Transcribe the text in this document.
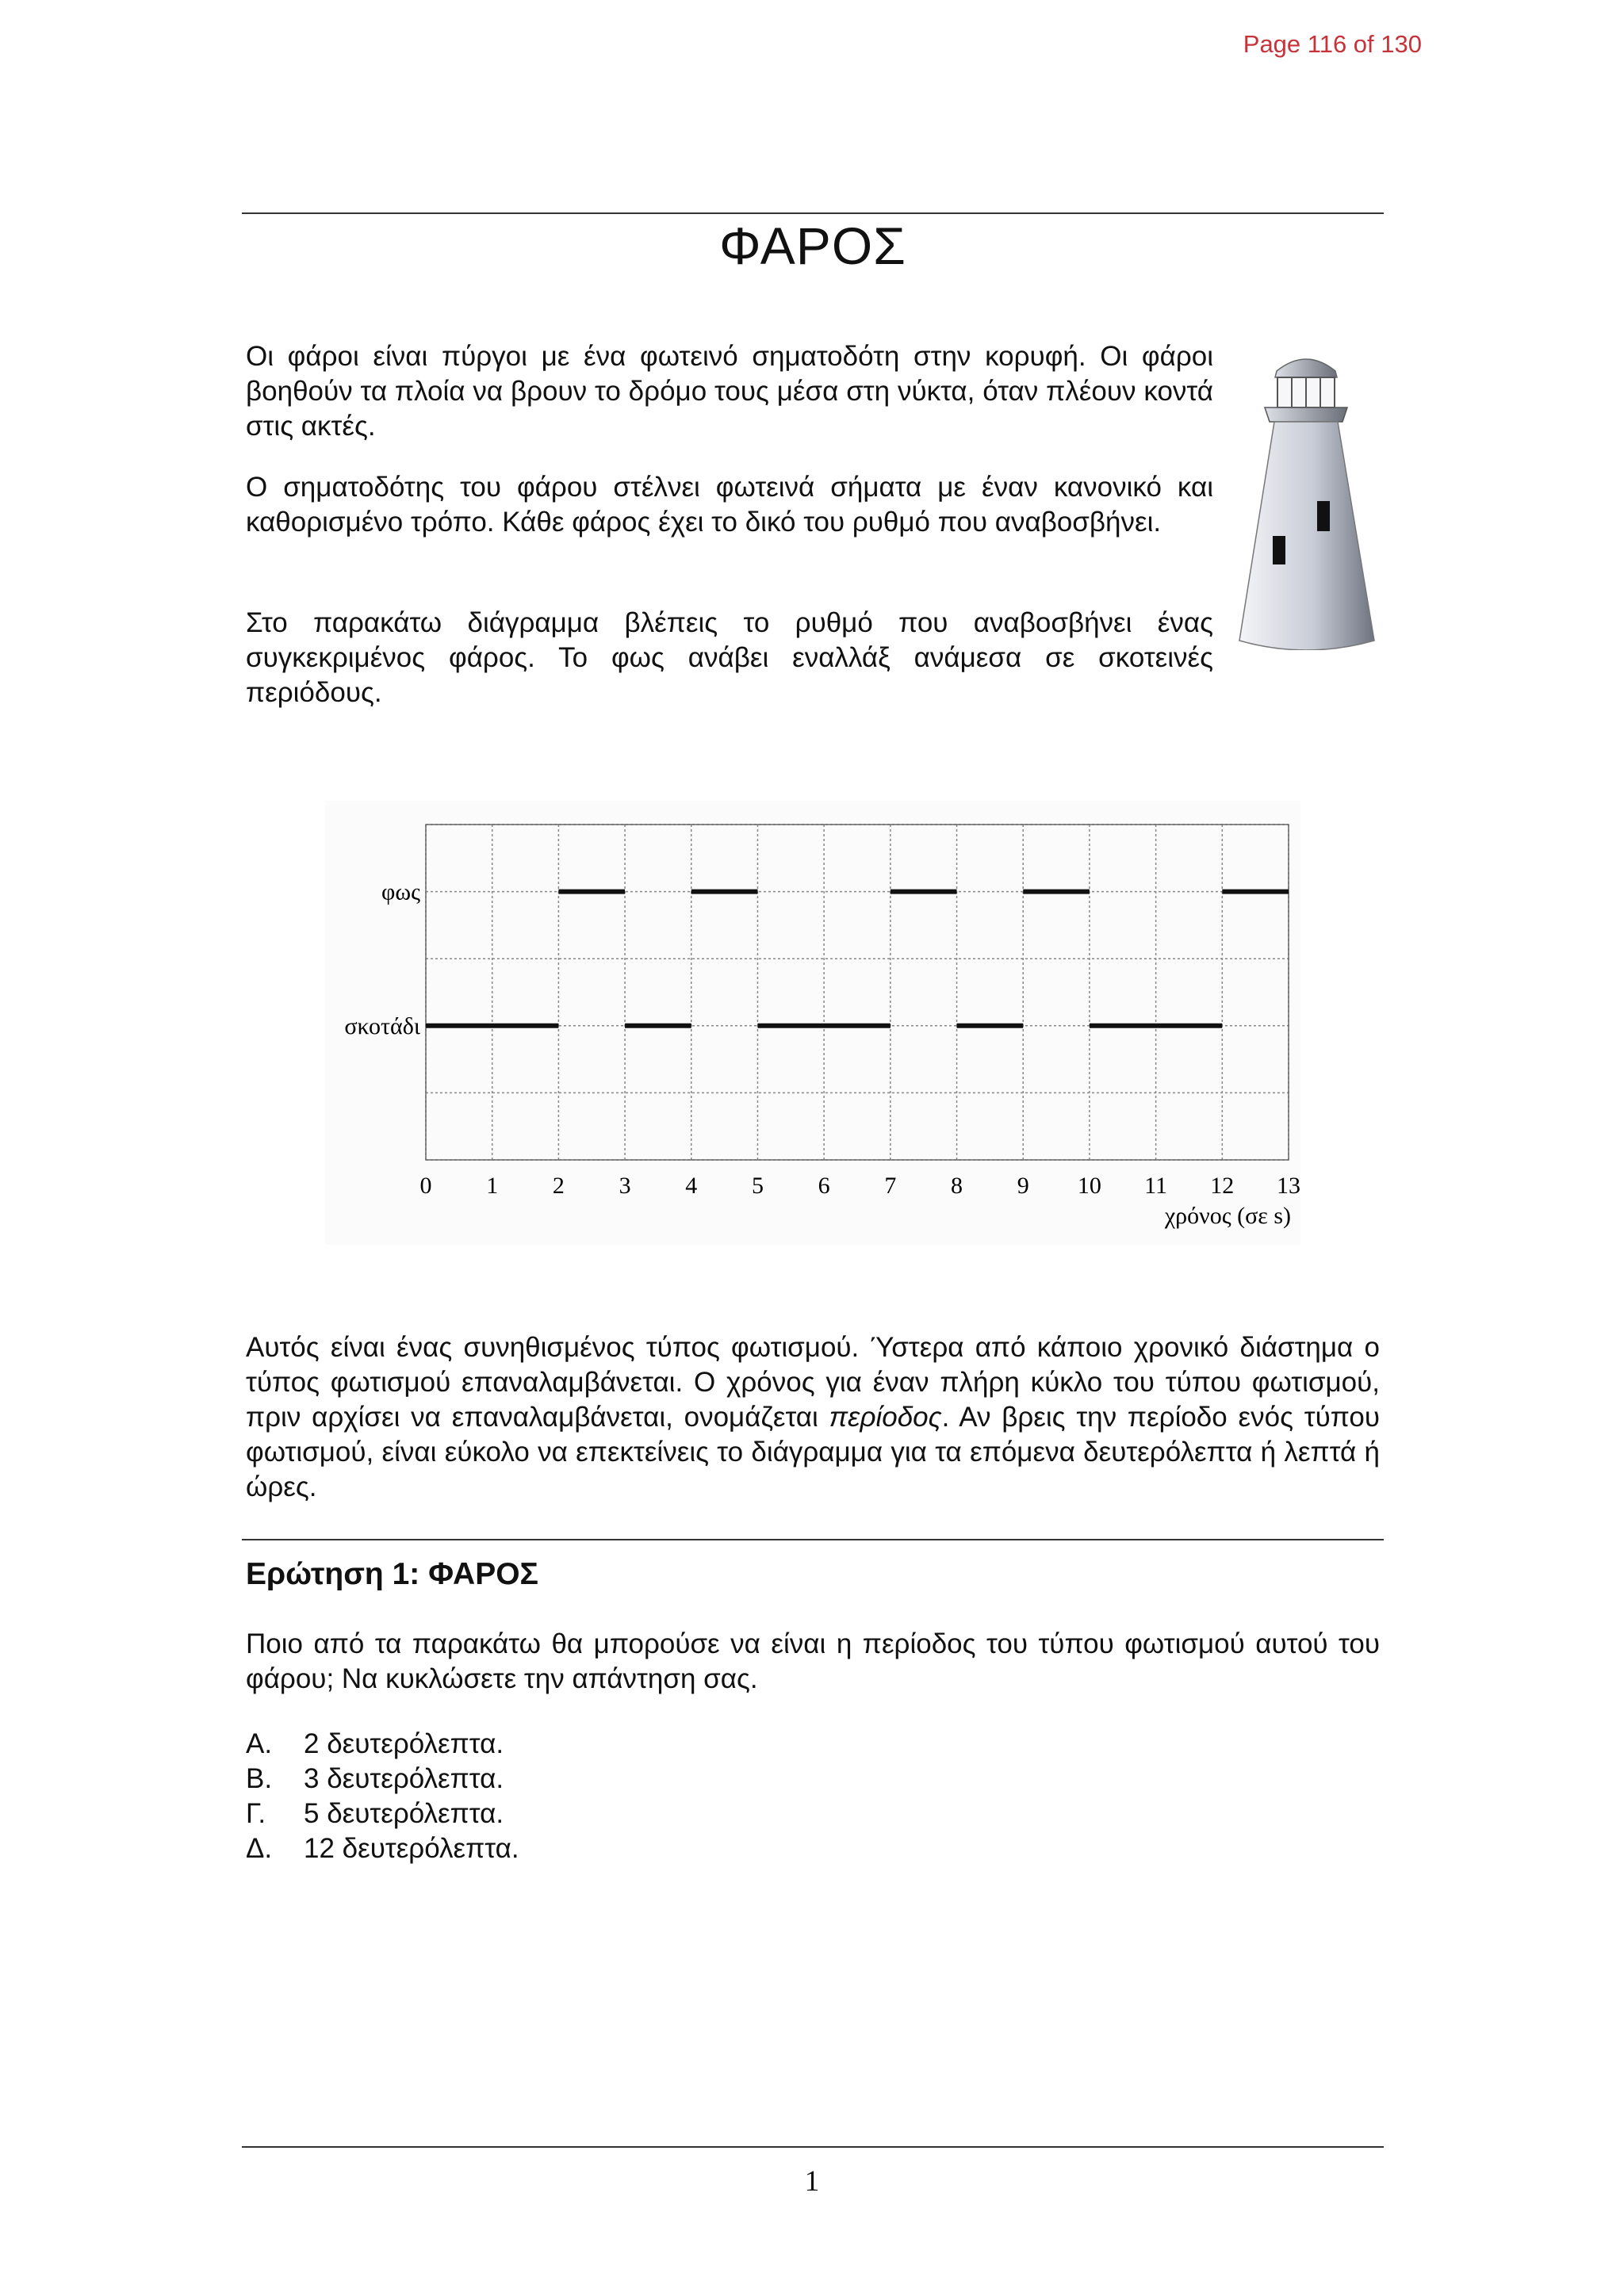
Page 116 of 130
ΦΑΡΟΣ

Οι φάροι είναι πύργοι με ένα φωτεινό σηματοδότη στην κορυφή. Οι φάροι βοηθούν τα πλοία να βρουν το δρόμο τους μέσα στη νύκτα, όταν πλέουν κοντά στις ακτές.

Ο σηματοδότης του φάρου στέλνει φωτεινά σήματα με έναν κανονικό και καθορισμένο τρόπο. Κάθε φάρος έχει το δικό του ρυθμό που αναβοσβήνει.

Στο παρακάτω διάγραμμα βλέπεις το ρυθμό που αναβοσβήνει ένας συγκεκριμένος φάρος. Το φως ανάβει εναλλάξ ανάμεσα σε σκοτεινές περιόδους.

0 1 2 3 4 5 6 7 8 9 10 11 12 13
φως
σκοτάδι
χρόνος (σε s)

Αυτός είναι ένας συνηθισμένος τύπος φωτισμού. Ύστερα από κάποιο χρονικό διάστημα ο τύπος φωτισμού επαναλαμβάνεται. Ο χρόνος για έναν πλήρη κύκλο του τύπου φωτισμού, πριν αρχίσει να επαναλαμβάνεται, ονομάζεται περίοδος. Αν βρεις την περίοδο ενός τύπου φωτισμού, είναι εύκολο να επεκτείνεις το διάγραμμα για τα επόμενα δευτερόλεπτα ή λεπτά ή ώρες.

Ερώτηση 1: ΦΑΡΟΣ

Ποιο από τα παρακάτω θα μπορούσε να είναι η περίοδος του τύπου φωτισμού αυτού του φάρου; Να κυκλώσετε την απάντηση σας.

Α.	2 δευτερόλεπτα.
Β.	3 δευτερόλεπτα.
Γ.	5 δευτερόλεπτα.
Δ.	12 δευτερόλεπτα.
1
